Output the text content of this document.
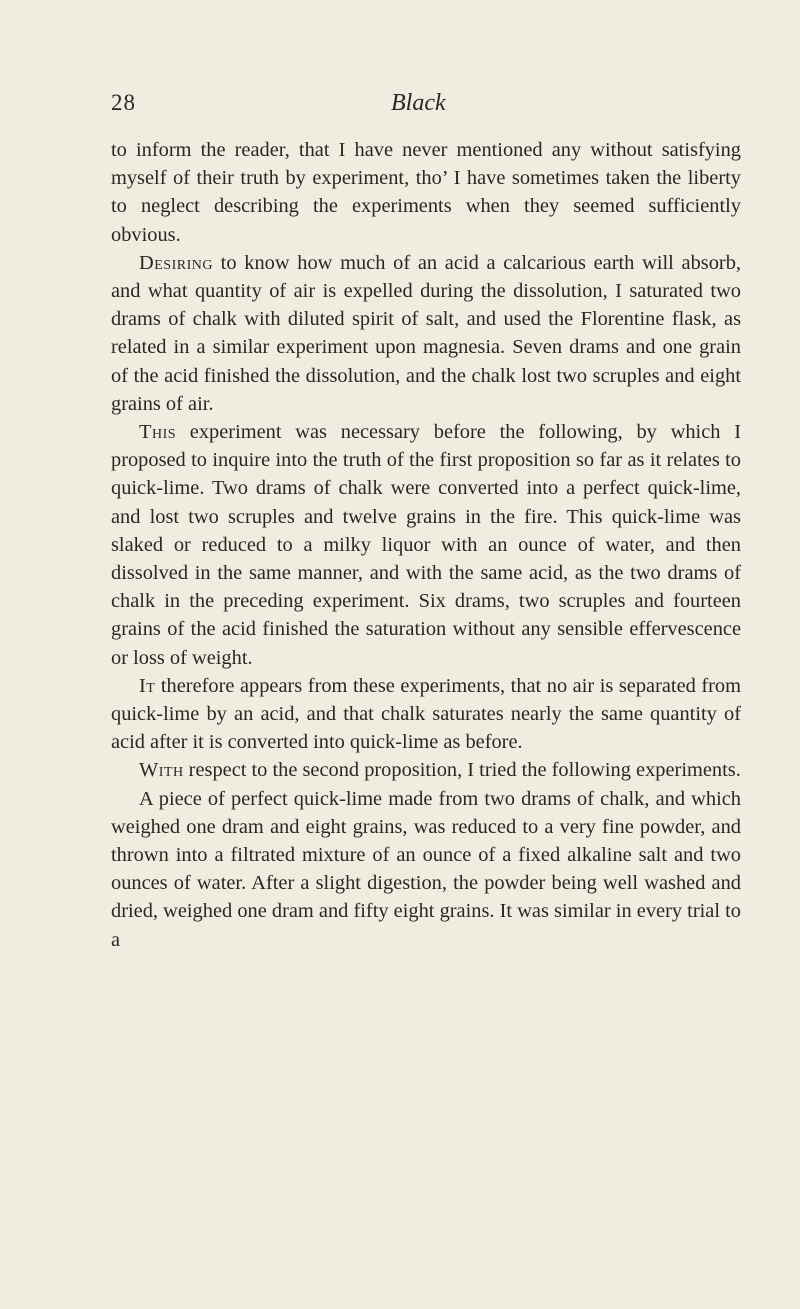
28	Black

to inform the reader, that I have never mentioned any without satisfying myself of their truth by experiment, tho’ I have sometimes taken the liberty to neglect describing the experiments when they seemed sufficiently obvious.

Desiring to know how much of an acid a calcarious earth will absorb, and what quantity of air is expelled during the dissolution, I saturated two drams of chalk with diluted spirit of salt, and used the Florentine flask, as related in a similar experiment upon magnesia. Seven drams and one grain of the acid finished the dissolution, and the chalk lost two scruples and eight grains of air.

This experiment was necessary before the following, by which I proposed to inquire into the truth of the first proposition so far as it relates to quick-lime. Two drams of chalk were converted into a perfect quick-lime, and lost two scruples and twelve grains in the fire. This quick-lime was slaked or reduced to a milky liquor with an ounce of water, and then dissolved in the same manner, and with the same acid, as the two drams of chalk in the preceding experiment. Six drams, two scruples and fourteen grains of the acid finished the saturation without any sensible effervescence or loss of weight.

It therefore appears from these experiments, that no air is separated from quick-lime by an acid, and that chalk saturates nearly the same quantity of acid after it is converted into quick-lime as before.

With respect to the second proposition, I tried the following experiments.

A piece of perfect quick-lime made from two drams of chalk, and which weighed one dram and eight grains, was reduced to a very fine powder, and thrown into a filtrated mixture of an ounce of a fixed alkaline salt and two ounces of water. After a slight digestion, the powder being well washed and dried, weighed one dram and fifty eight grains. It was similar in every trial to a
